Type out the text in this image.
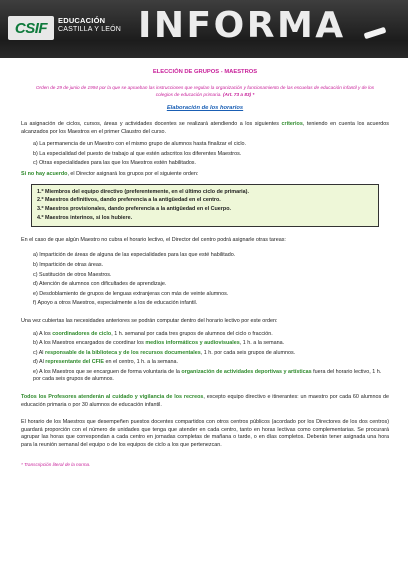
CSIF EDUCACIÓN
CASTILLA Y LEÓN INFORMA
ELECCIÓN DE GRUPOS - MAESTROS
Orden de 29 de junio de 1994 por la que se aprueban las instrucciones que regulan la organización y funcionamiento de las escuelas de educación infantil y de los colegios de educación primaria. (Art. 73 a 83) *
Elaboración de los horarios

La asignación de ciclos, cursos, áreas y actividades docentes se realizará atendiendo a los siguientes criterios, teniendo en cuenta los acuerdos alcanzados por los Maestros en el primer Claustro del curso.

a) La permanencia de un Maestro con el mismo grupo de alumnos hasta finalizar el ciclo.
b) La especialidad del puesto de trabajo al que estén adscritos los diferentes Maestros.
c) Otras especialidades para las que los Maestros estén habilitados.

Si no hay acuerdo, el Director asignará los grupos por el siguiente orden:

1.º Miembros del equipo directivo (preferentemente, en el último ciclo de primaria).
2.º Maestros definitivos, dando preferencia a la antigüedad en el centro.
3.º Maestros provisionales, dando preferencia a la antigüedad en el Cuerpo.
4.º Maestros interinos, si los hubiere.

En el caso de que algún Maestro no cubra el horario lectivo, el Director del centro podrá asignarle otras tareas:

a) Impartición de áreas de alguna de las especialidades para las que esté habilitado.
b) Impartición de otras áreas.
c) Sustitución de otros Maestros.
d) Atención de alumnos con dificultades de aprendizaje.
e) Desdoblamiento de grupos de lenguas extranjeras con más de veinte alumnos.
f) Apoyo a otros Maestros, especialmente a los de educación infantil.

Una vez cubiertas las necesidades anteriores se podrán computar dentro del horario lectivo por este orden:

a) A los coordinadores de ciclo, 1 h. semanal por cada tres grupos de alumnos del ciclo o fracción.
b) A los Maestros encargados de coordinar los medios informáticos y audiovisuales, 1 h. a la semana.
c) Al responsable de la biblioteca y de los recursos documentales, 1 h. por cada seis grupos de alumnos.
d) Al representante del CFIE en el centro, 1 h. a la semana.
e) A los Maestros que se encarguen de forma voluntaria de la organización de actividades deportivas y artísticas fuera del horario lectivo, 1 h. por cada seis grupos de alumnos.

Todos los Profesores atenderán al cuidado y vigilancia de los recreos, excepto equipo directivo e itinerantes: un maestro por cada 60 alumnos de educación primaria o por 30 alumnos de educación infantil.

El horario de los Maestros que desempeñen puestos docentes compartidos con otros centros públicos (acordado por los Directores de los dos centros) guardará proporción con el número de unidades que tenga que atender en cada centro, tanto en horas lectivas como complementarias. Se procurará agrupar las horas que correspondan a cada centro en jornadas completas de mañana o tarde, o en días completos. Deberán tener asignada una hora para la reunión semanal del equipo o de los equipos de ciclo a los que pertenezcan.

* Transcripción literal de la norma.
